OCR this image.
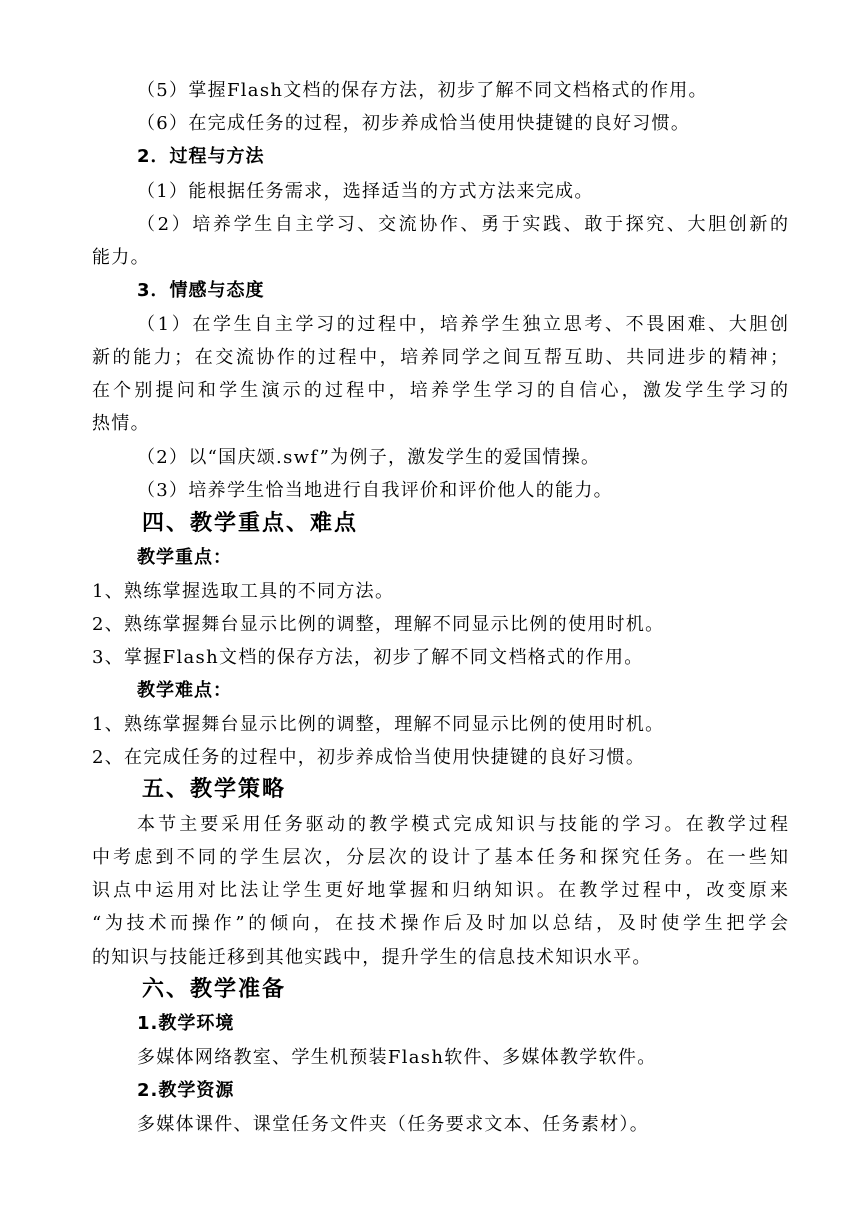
（5）掌握Flash文档的保存方法，初步了解不同文档格式的作用。
（6）在完成任务的过程，初步养成恰当使用快捷键的良好习惯。
2．过程与方法
（1）能根据任务需求，选择适当的方式方法来完成。
（2）培养学生自主学习、交流协作、勇于实践、敢于探究、大胆创新的
能力。
3．情感与态度
（1）在学生自主学习的过程中，培养学生独立思考、不畏困难、大胆创
新的能力；在交流协作的过程中，培养同学之间互帮互助、共同进步的精神；
在个别提问和学生演示的过程中，培养学生学习的自信心，激发学生学习的
热情。
（2）以“国庆颂.swf”为例子，激发学生的爱国情操。
（3）培养学生恰当地进行自我评价和评价他人的能力。
四、教学重点、难点
教学重点：
1、熟练掌握选取工具的不同方法。
2、熟练掌握舞台显示比例的调整，理解不同显示比例的使用时机。
3、掌握Flash文档的保存方法，初步了解不同文档格式的作用。
教学难点：
1、熟练掌握舞台显示比例的调整，理解不同显示比例的使用时机。
2、在完成任务的过程中，初步养成恰当使用快捷键的良好习惯。
五、教学策略
本节主要采用任务驱动的教学模式完成知识与技能的学习。在教学过程
中考虑到不同的学生层次，分层次的设计了基本任务和探究任务。在一些知
识点中运用对比法让学生更好地掌握和归纳知识。在教学过程中，改变原来
“为技术而操作”的倾向，在技术操作后及时加以总结，及时使学生把学会
的知识与技能迁移到其他实践中，提升学生的信息技术知识水平。
六、教学准备
1.教学环境
多媒体网络教室、学生机预装Flash软件、多媒体教学软件。
2.教学资源
多媒体课件、课堂任务文件夹（任务要求文本、任务素材）。
